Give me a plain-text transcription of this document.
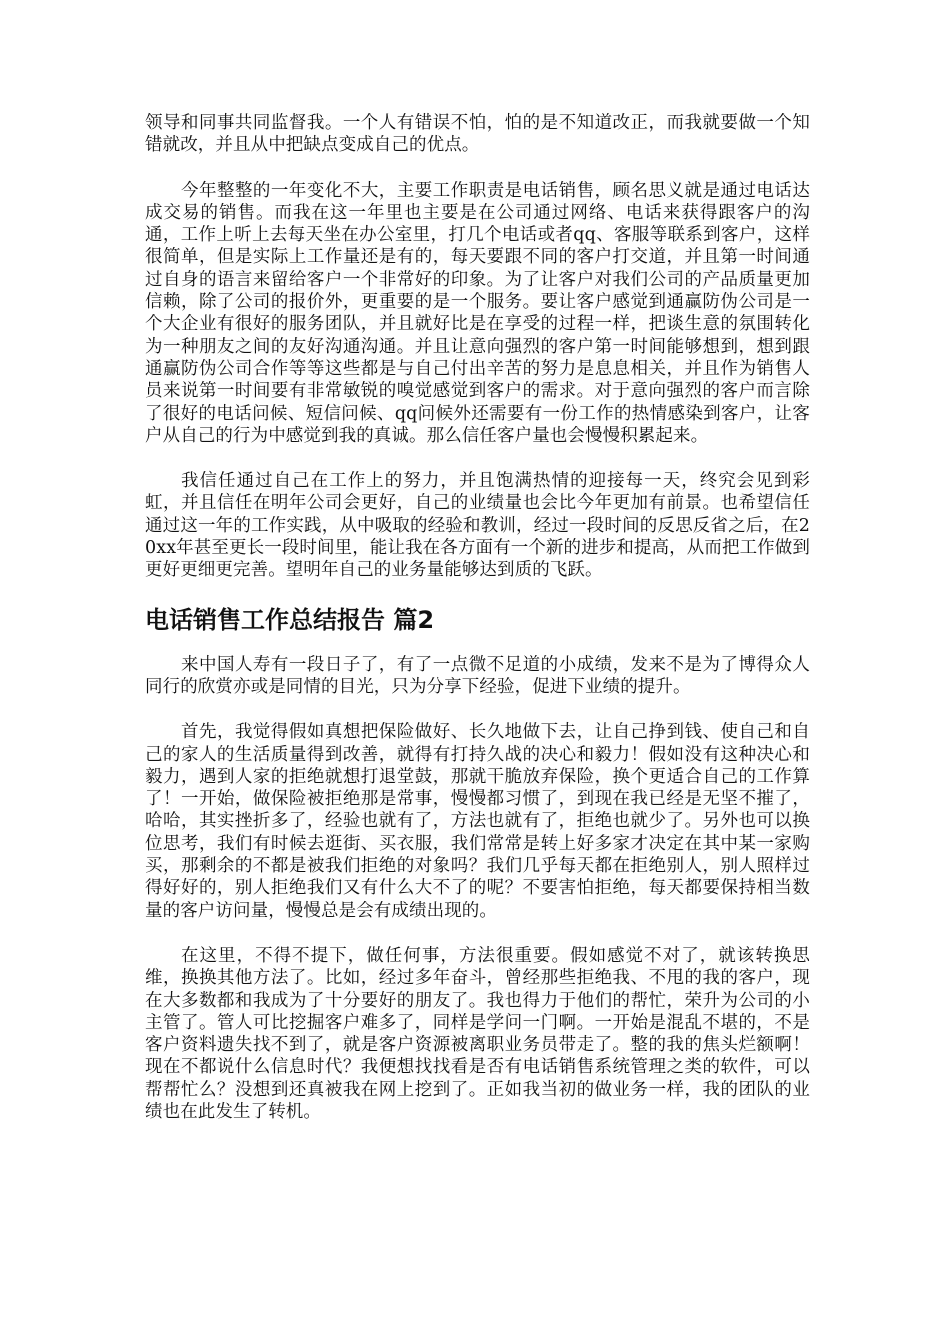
领导和同事共同监督我。一个人有错误不怕，怕的是不知道改正，而我就要做一个知错就改，并且从中把缺点变成自己的优点。

今年整整的一年变化不大，主要工作职责是电话销售，顾名思义就是通过电话达成交易的销售。而我在这一年里也主要是在公司通过网络、电话来获得跟客户的沟通，工作上听上去每天坐在办公室里，打几个电话或者qq、客服等联系到客户，这样很简单，但是实际上工作量还是有的，每天要跟不同的客户打交道，并且第一时间通过自身的语言来留给客户一个非常好的印象。为了让客户对我们公司的产品质量更加信赖，除了公司的报价外，更重要的是一个服务。要让客户感觉到通赢防伪公司是一个大企业有很好的服务团队，并且就好比是在享受的过程一样，把谈生意的氛围转化为一种朋友之间的友好沟通沟通。并且让意向强烈的客户第一时间能够想到，想到跟通赢防伪公司合作等等这些都是与自己付出辛苦的努力是息息相关，并且作为销售人员来说第一时间要有非常敏锐的嗅觉感觉到客户的需求。对于意向强烈的客户而言除了很好的电话问候、短信问候、qq问候外还需要有一份工作的热情感染到客户，让客户从自己的行为中感觉到我的真诚。那么信任客户量也会慢慢积累起来。

我信任通过自己在工作上的努力，并且饱满热情的迎接每一天，终究会见到彩虹，并且信任在明年公司会更好，自己的业绩量也会比今年更加有前景。也希望信任通过这一年的工作实践，从中吸取的经验和教训，经过一段时间的反思反省之后，在20xx年甚至更长一段时间里，能让我在各方面有一个新的进步和提高，从而把工作做到更好更细更完善。望明年自己的业务量能够达到质的飞跃。

电话销售工作总结报告 篇2

来中国人寿有一段日子了，有了一点微不足道的小成绩，发来不是为了博得众人同行的欣赏亦或是同情的目光，只为分享下经验，促进下业绩的提升。

首先，我觉得假如真想把保险做好、长久地做下去，让自己挣到钱、使自己和自己的家人的生活质量得到改善，就得有打持久战的决心和毅力！假如没有这种决心和毅力，遇到人家的拒绝就想打退堂鼓，那就干脆放弃保险，换个更适合自己的工作算了！一开始，做保险被拒绝那是常事，慢慢都习惯了，到现在我已经是无坚不摧了，哈哈，其实挫折多了，经验也就有了，方法也就有了，拒绝也就少了。另外也可以换位思考，我们有时候去逛街、买衣服，我们常常是转上好多家才决定在其中某一家购买，那剩余的不都是被我们拒绝的对象吗？我们几乎每天都在拒绝别人，别人照样过得好好的，别人拒绝我们又有什么大不了的呢？不要害怕拒绝，每天都要保持相当数量的客户访问量，慢慢总是会有成绩出现的。

在这里，不得不提下，做任何事，方法很重要。假如感觉不对了，就该转换思维，换换其他方法了。比如，经过多年奋斗，曾经那些拒绝我、不甩的我的客户，现在大多数都和我成为了十分要好的朋友了。我也得力于他们的帮忙，荣升为公司的小主管了。管人可比挖掘客户难多了，同样是学问一门啊。一开始是混乱不堪的，不是客户资料遗失找不到了，就是客户资源被离职业务员带走了。整的我的焦头烂额啊！现在不都说什么信息时代？我便想找找看是否有电话销售系统管理之类的软件，可以帮帮忙么？没想到还真被我在网上挖到了。正如我当初的做业务一样，我的团队的业绩也在此发生了转机。
